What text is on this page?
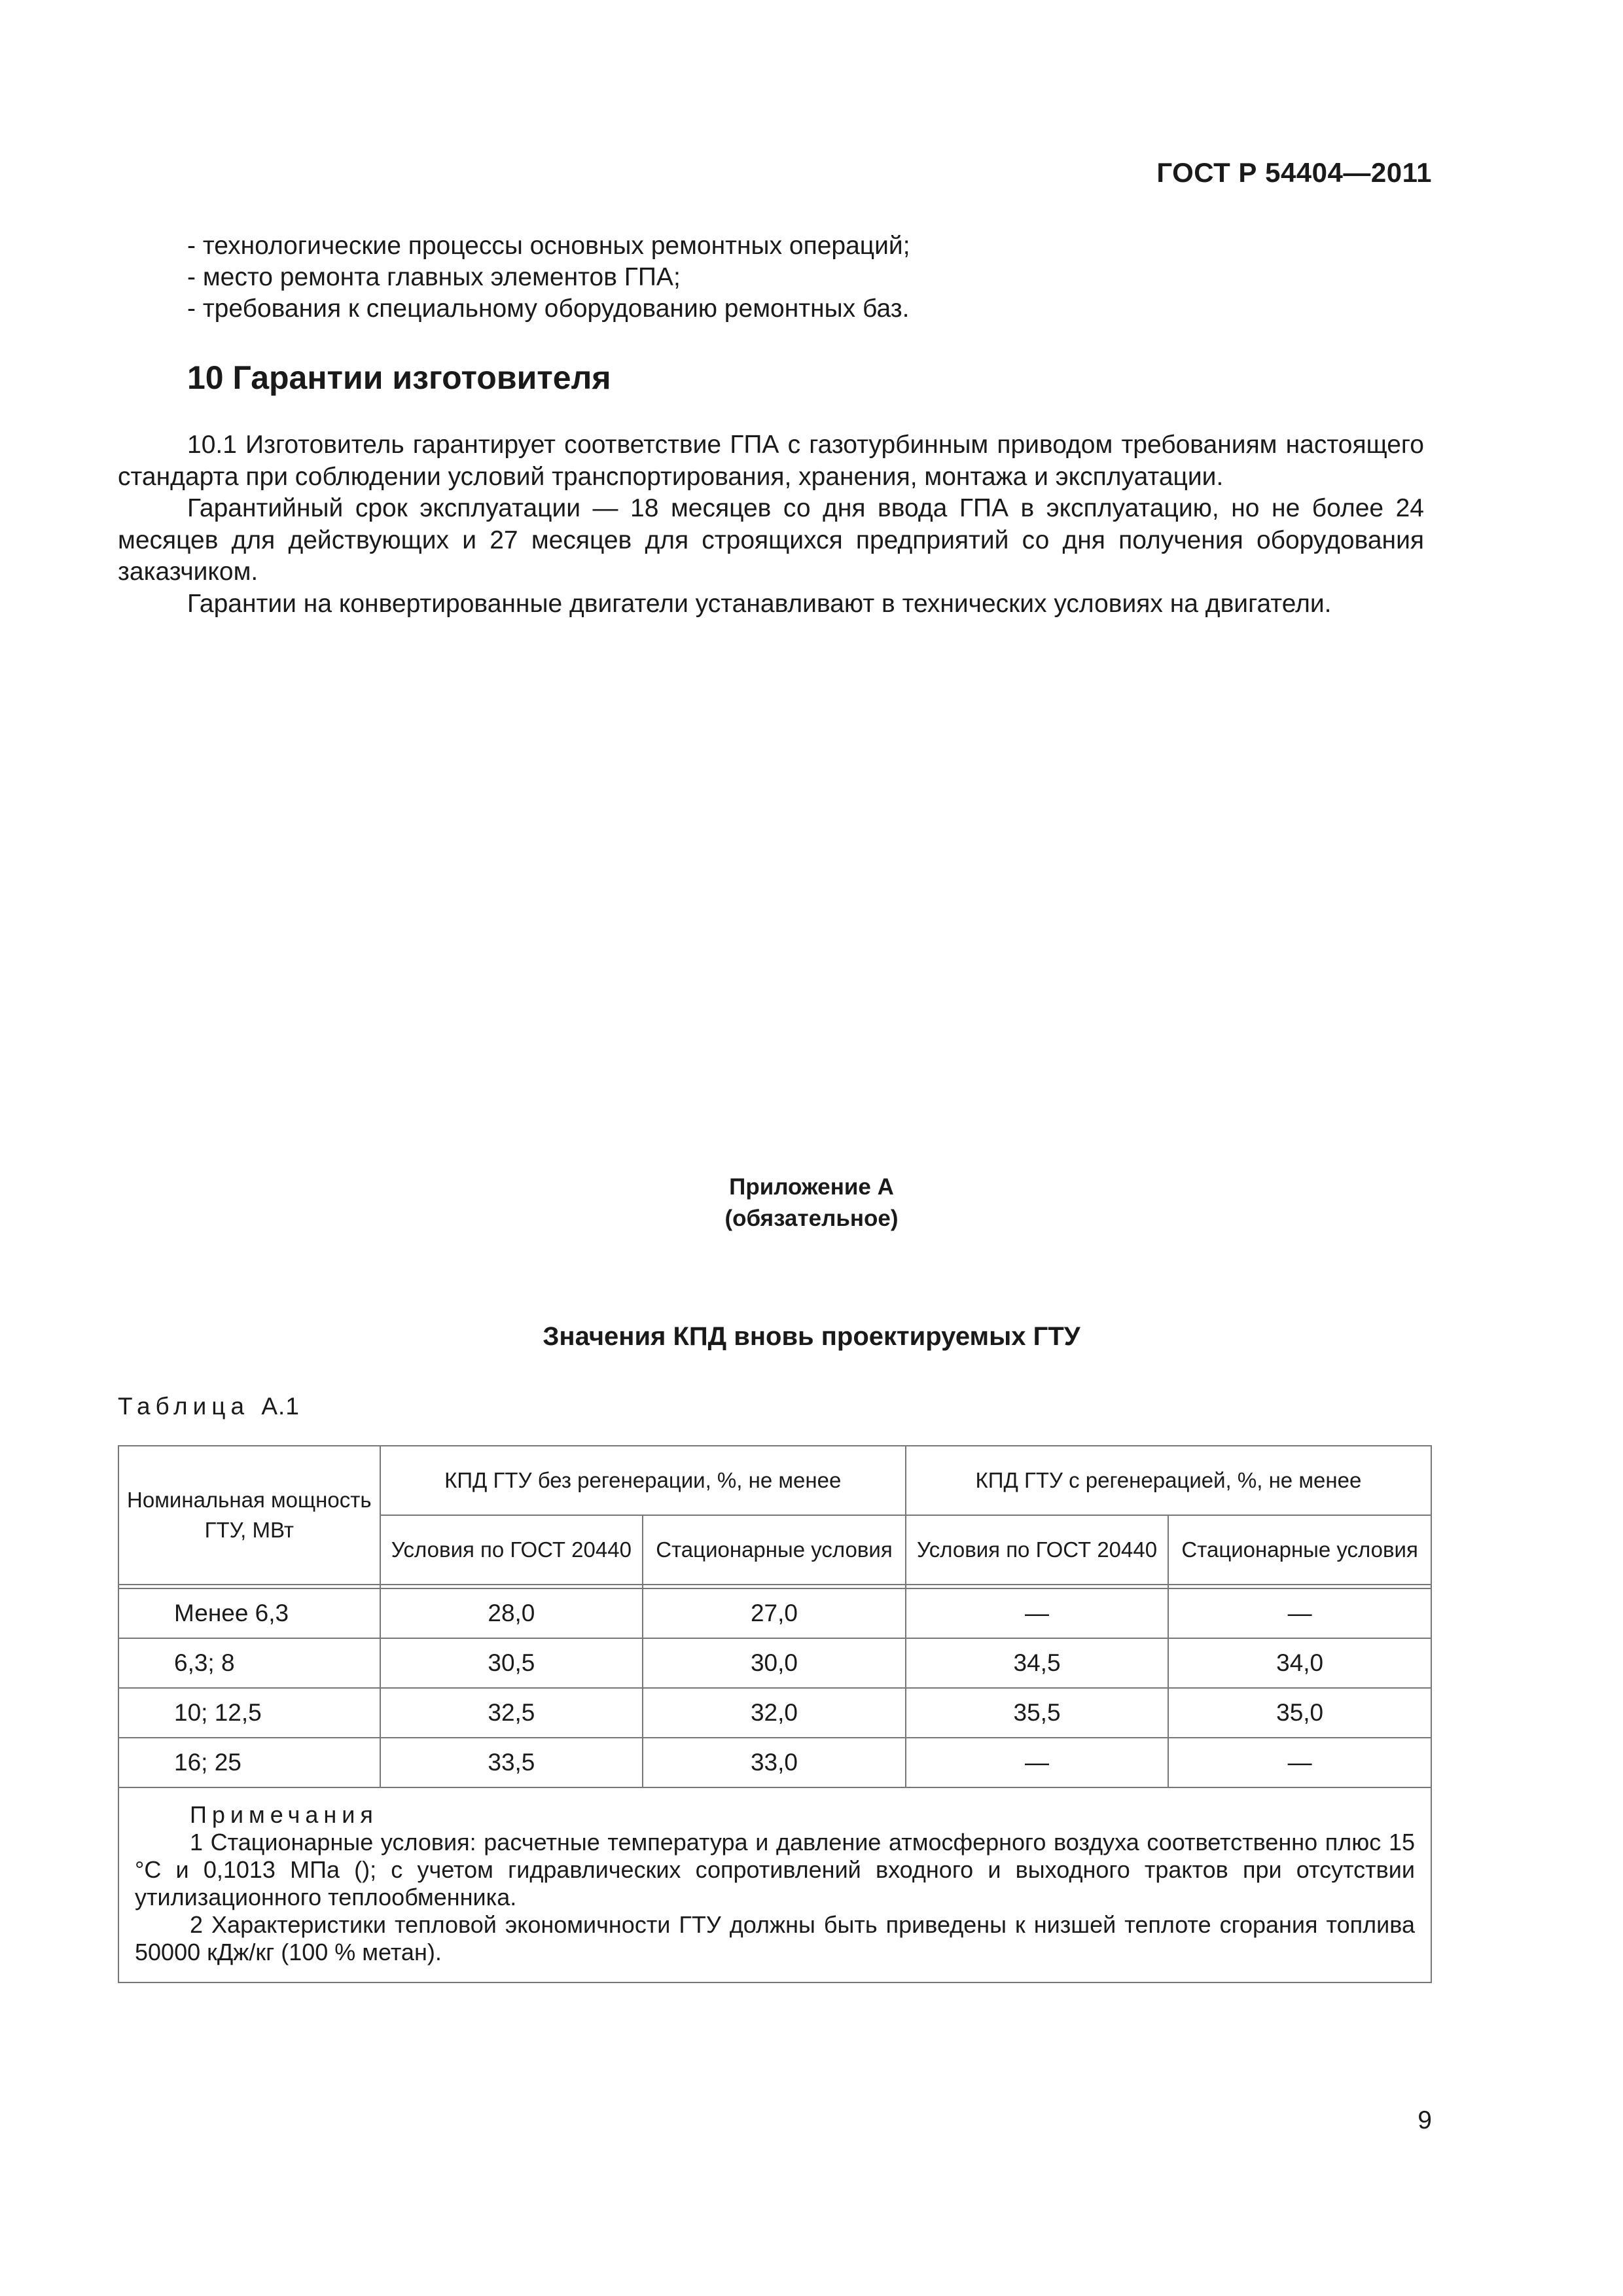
ГОСТ Р 54404—2011
- технологические процессы основных ремонтных операций;
- место ремонта главных элементов ГПА;
- требования к специальному оборудованию ремонтных баз.
10 Гарантии изготовителя

10.1 Изготовитель гарантирует соответствие ГПА с газотурбинным приводом требованиям настоящего стандарта при соблюдении условий транспортирования, хранения, монтажа и эксплуатации.

Гарантийный срок эксплуатации — 18 месяцев со дня ввода ГПА в эксплуатацию, но не более 24 месяцев для действующих и 27 месяцев для строящихся предприятий со дня получения оборудования заказчиком.

Гарантии на конвертированные двигатели устанавливают в технических условиях на двигатели.

Приложение А
(обязательное)
Значения КПД вновь проектируемых ГТУ
Таблица А.1
Номинальная мощность ГТУ, МВт	КПД ГТУ без регенерации, %, не менее		КПД ГТУ с регенерацией, %, не менее	
	Условия по ГОСТ 20440	Стационарные условия	Условия по ГОСТ 20440	Стационарные условия

Менее 6,3	28,0	27,0	—	—
6,3; 8	30,5	30,0	34,5	34,0
10; 12,5	32,5	32,0	35,5	35,0
16; 25	33,5	33,0	—	—

Примечания

1 Стационарные условия: расчетные температура и давление атмосферного воздуха соответственно плюс 15 °С и 0,1013 МПа (); с учетом гидравлических сопротивлений входного и выходного трактов при отсутствии утилизационного теплообменника.

2 Характеристики тепловой экономичности ГТУ должны быть приведены к низшей теплоте сгорания топлива 50000 кДж/кг (100 % метан).				

9
